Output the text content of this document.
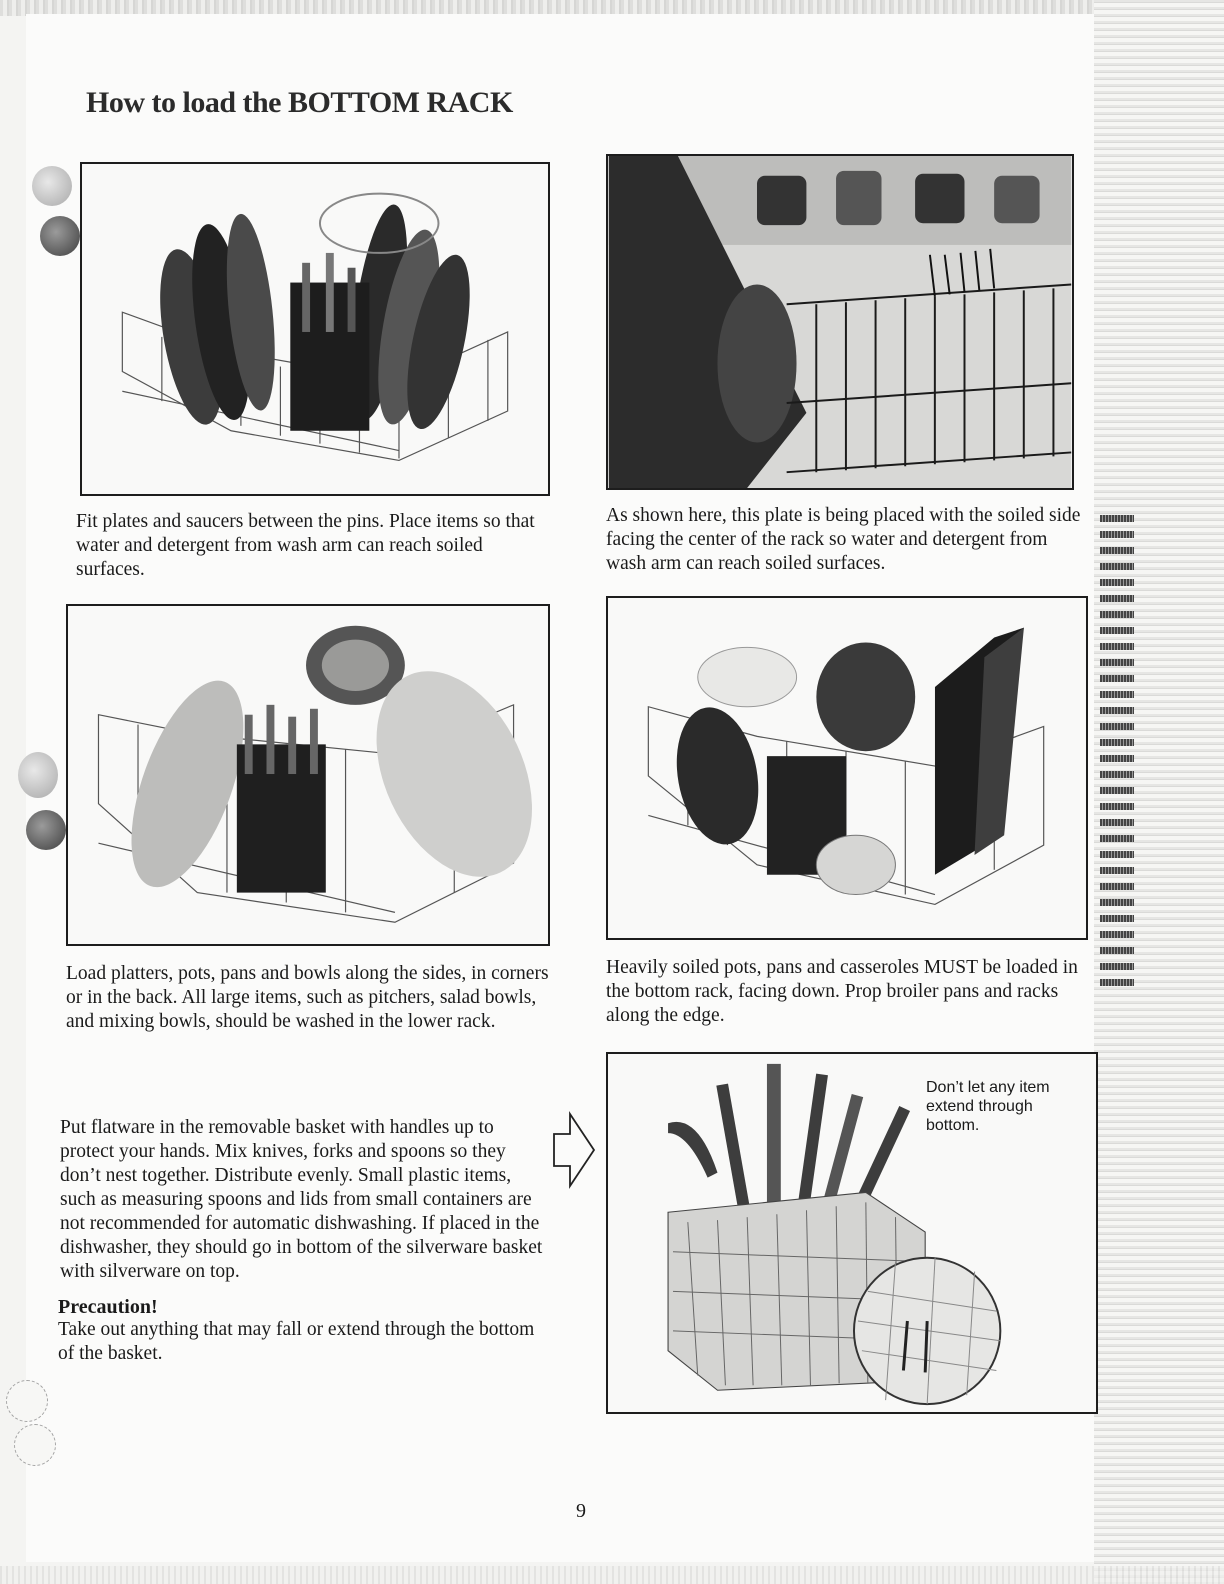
How to load the BOTTOM RACK

Fit plates and saucers between the pins. Place items so that water and detergent from wash arm can reach soiled surfaces.

As shown here, this plate is being placed with the soiled side facing the center of the rack so water and detergent from wash arm can reach soiled surfaces.

Load platters, pots, pans and bowls along the sides, in corners or in the back. All large items, such as pitchers, salad bowls, and mixing bowls, should be washed in the lower rack.

Heavily soiled pots, pans and casseroles MUST be loaded in the bottom rack, facing down. Prop broiler pans and racks along the edge.

Put flatware in the removable basket with handles up to protect your hands. Mix knives, forks and spoons so they don’t nest together. Distribute evenly. Small plastic items, such as measuring spoons and lids from small containers are not recommended for automatic dishwashing. If placed in the dishwasher, they should go in bottom of the silverware basket with silverware on top.

Precaution!

Take out anything that may fall or extend through the bottom of the basket.

Don’t let any item extend through bottom.

9
